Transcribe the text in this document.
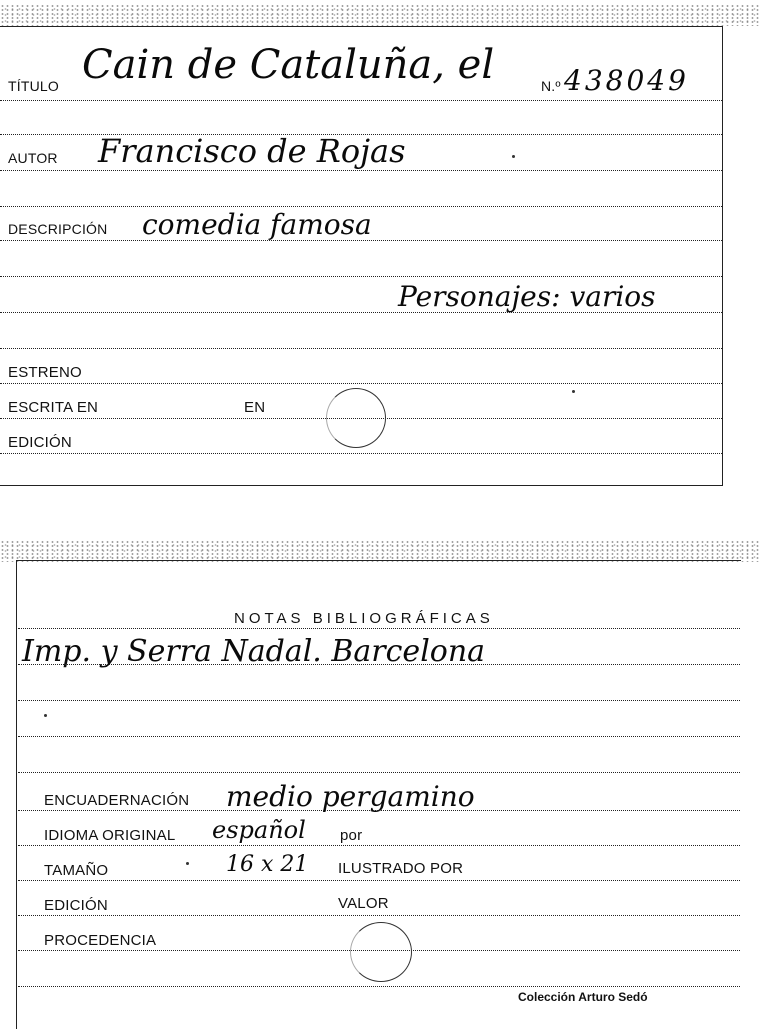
TÍTULO Cain de Cataluña, el	N.º 438049
AUTOR Francisco de Rojas
DESCRIPCIÓN comedia famosa
Personajes: varios
ESTRENO
ESCRITA EN	EN
EDICIÓN
NOTAS BIBLIOGRÁFICAS
Imp. y Serra Nadal. Barcelona
ENCUADERNACIÓN medio pergamino
IDIOMA ORIGINAL español por
TAMAÑO	16 x 21 ILUSTRADO POR
EDICIÓN	VALOR
PROCEDENCIA
Colección Arturo Sedó
